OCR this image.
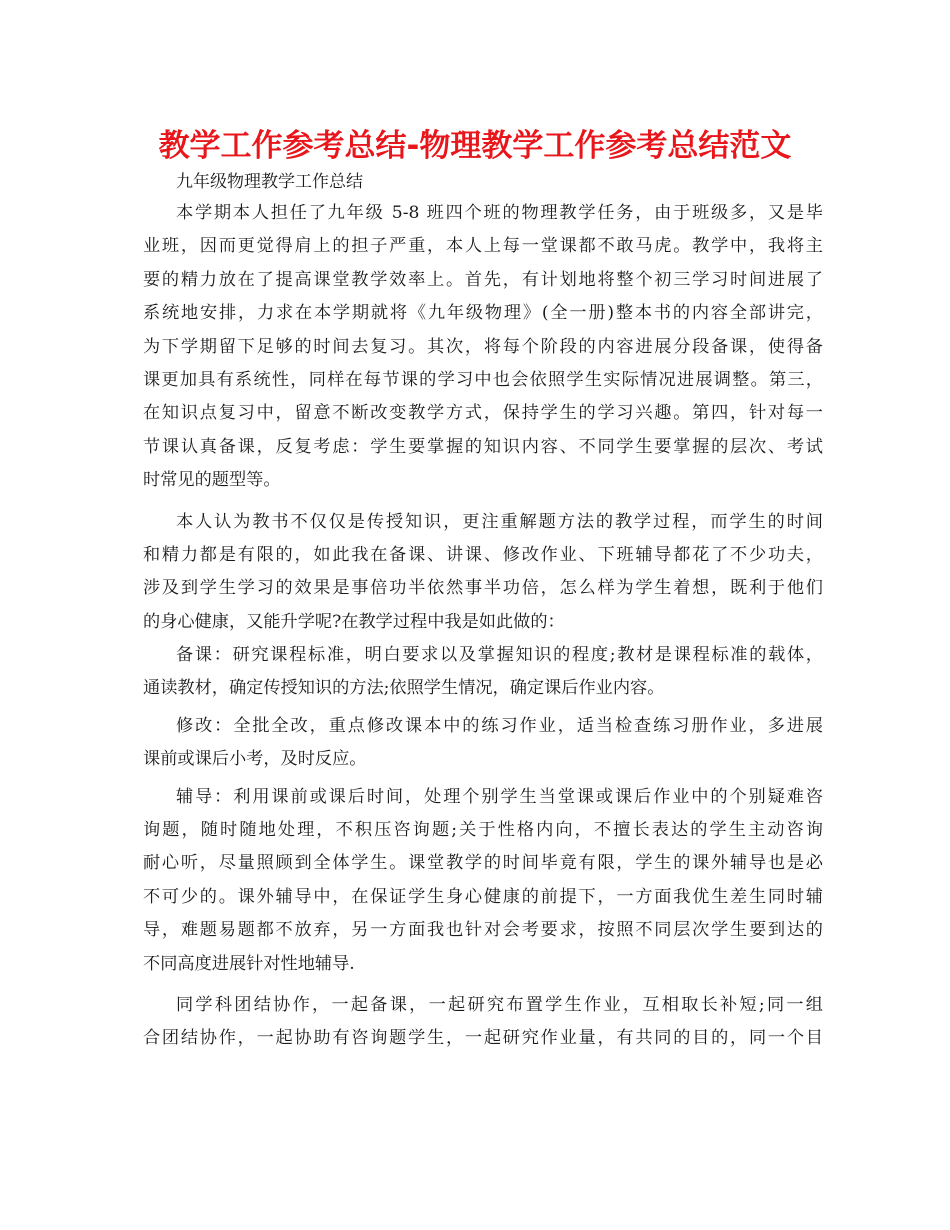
教学工作参考总结-物理教学工作参考总结范文
九年级物理教学工作总结
本学期本人担任了九年级 5-8 班四个班的物理教学任务，由于班级多，又是毕
业班，因而更觉得肩上的担子严重，本人上每一堂课都不敢马虎。教学中，我将主
要的精力放在了提高课堂教学效率上。首先，有计划地将整个初三学习时间进展了
系统地安排，力求在本学期就将《九年级物理》(全一册)整本书的内容全部讲完，
为下学期留下足够的时间去复习。其次，将每个阶段的内容进展分段备课，使得备
课更加具有系统性，同样在每节课的学习中也会依照学生实际情况进展调整。第三，
在知识点复习中，留意不断改变教学方式，保持学生的学习兴趣。第四，针对每一
节课认真备课，反复考虑：学生要掌握的知识内容、不同学生要掌握的层次、考试
时常见的题型等。
本人认为教书不仅仅是传授知识，更注重解题方法的教学过程，而学生的时间
和精力都是有限的，如此我在备课、讲课、修改作业、下班辅导都花了不少功夫，
涉及到学生学习的效果是事倍功半依然事半功倍，怎么样为学生着想，既利于他们
的身心健康，又能升学呢?在教学过程中我是如此做的：
备课：研究课程标准，明白要求以及掌握知识的程度;教材是课程标准的载体，
通读教材，确定传授知识的方法;依照学生情况，确定课后作业内容。
修改：全批全改，重点修改课本中的练习作业，适当检查练习册作业，多进展
课前或课后小考，及时反应。
辅导：利用课前或课后时间，处理个别学生当堂课或课后作业中的个别疑难咨
询题，随时随地处理，不积压咨询题;关于性格内向，不擅长表达的学生主动咨询
耐心听，尽量照顾到全体学生。课堂教学的时间毕竟有限，学生的课外辅导也是必
不可少的。课外辅导中，在保证学生身心健康的前提下，一方面我优生差生同时辅
导，难题易题都不放弃，另一方面我也针对会考要求，按照不同层次学生要到达的
不同高度进展针对性地辅导.
同学科团结协作，一起备课，一起研究布置学生作业，互相取长补短;同一组
合团结协作，一起协助有咨询题学生，一起研究作业量，有共同的目的，同一个目
